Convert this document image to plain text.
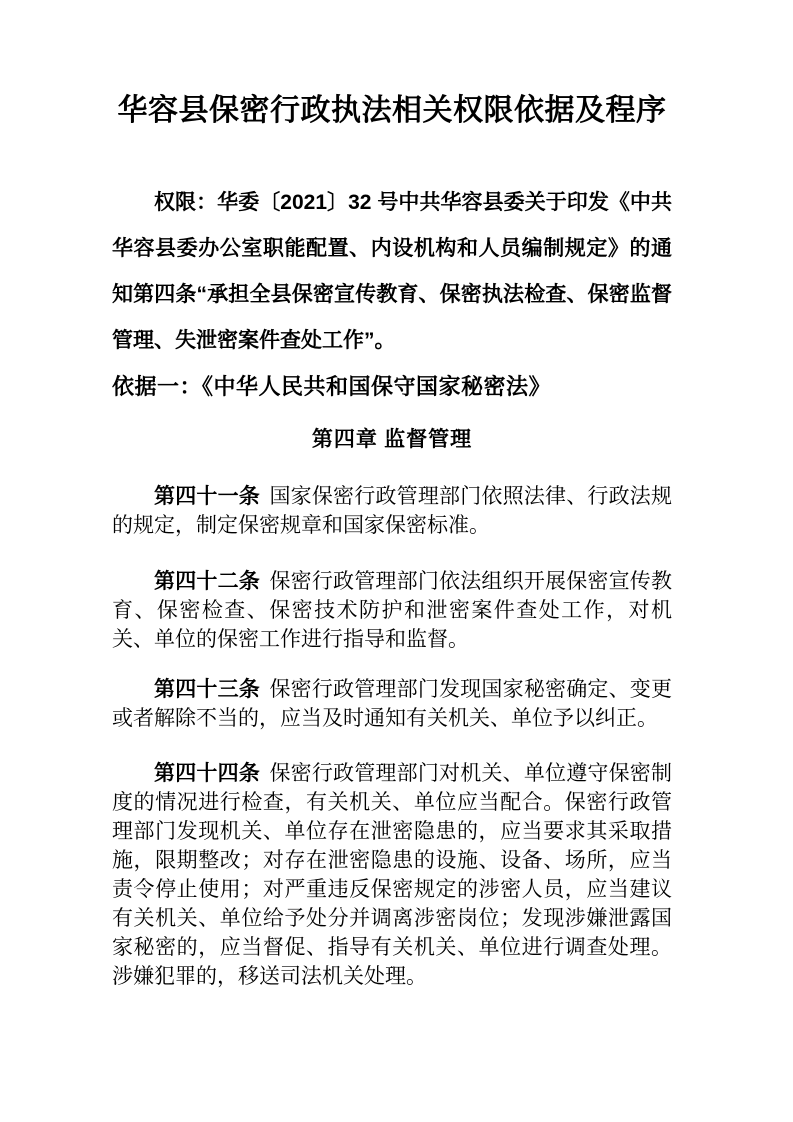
华容县保密行政执法相关权限依据及程序

权限：华委〔2021〕32 号中共华容县委关于印发《中共华容县委办公室职能配置、内设机构和人员编制规定》的通知第四条“承担全县保密宣传教育、保密执法检查、保密监督管理、失泄密案件查处工作”。

依据一：《中华人民共和国保守国家秘密法》

第四章 监督管理

第四十一条 国家保密行政管理部门依照法律、行政法规的规定，制定保密规章和国家保密标准。

第四十二条 保密行政管理部门依法组织开展保密宣传教育、保密检查、保密技术防护和泄密案件查处工作，对机关、单位的保密工作进行指导和监督。

第四十三条 保密行政管理部门发现国家秘密确定、变更或者解除不当的，应当及时通知有关机关、单位予以纠正。

第四十四条 保密行政管理部门对机关、单位遵守保密制度的情况进行检查，有关机关、单位应当配合。保密行政管理部门发现机关、单位存在泄密隐患的，应当要求其采取措施，限期整改；对存在泄密隐患的设施、设备、场所，应当责令停止使用；对严重违反保密规定的涉密人员，应当建议有关机关、单位给予处分并调离涉密岗位；发现涉嫌泄露国家秘密的，应当督促、指导有关机关、单位进行调查处理。涉嫌犯罪的，移送司法机关处理。
